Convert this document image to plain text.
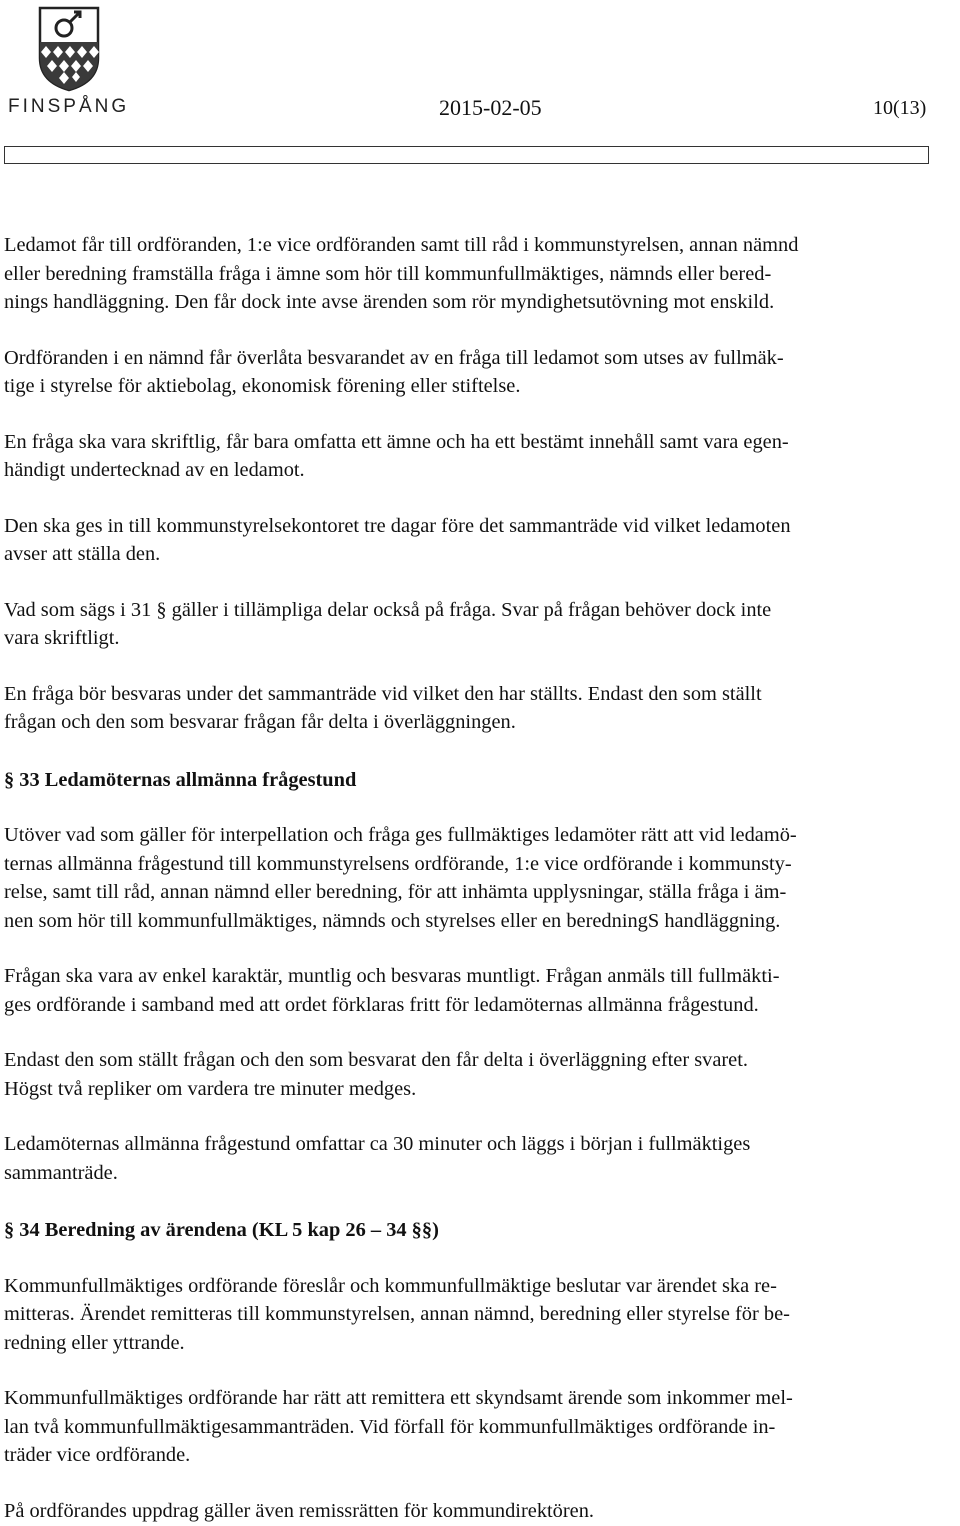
FINSPÅNG	2015-02-05	10(13)

Ledamot får till ordföranden, 1:e vice ordföranden samt till råd i kommunstyrelsen, annan nämnd
eller beredning framställa fråga i ämne som hör till kommunfullmäktiges, nämnds eller bered-
nings handläggning. Den får dock inte avse ärenden som rör myndighetsutövning mot enskild.

Ordföranden i en nämnd får överlåta besvarandet av en fråga till ledamot som utses av fullmäk-
tige i styrelse för aktiebolag, ekonomisk förening eller stiftelse.

En fråga ska vara skriftlig, får bara omfatta ett ämne och ha ett bestämt innehåll samt vara egen-
händigt undertecknad av en ledamot.

Den ska ges in till kommunstyrelsekontoret tre dagar före det sammanträde vid vilket ledamoten
avser att ställa den.

Vad som sägs i 31 § gäller i tillämpliga delar också på fråga. Svar på frågan behöver dock inte
vara skriftligt.

En fråga bör besvaras under det sammanträde vid vilket den har ställts. Endast den som ställt
frågan och den som besvarar frågan får delta i överläggningen.

§ 33 Ledamöternas allmänna frågestund

Utöver vad som gäller för interpellation och fråga ges fullmäktiges ledamöter rätt att vid ledamö-
ternas allmänna frågestund till kommunstyrelsens ordförande, 1:e vice ordförande i kommunsty-
relse, samt till råd, annan nämnd eller beredning, för att inhämta upplysningar, ställa fråga i äm-
nen som hör till kommunfullmäktiges, nämnds och styrelses eller en beredningS handläggning.

Frågan ska vara av enkel karaktär, muntlig och besvaras muntligt. Frågan anmäls till fullmäkti-
ges ordförande i samband med att ordet förklaras fritt för ledamöternas allmänna frågestund.

Endast den som ställt frågan och den som besvarat den får delta i överläggning efter svaret.
Högst två repliker om vardera tre minuter medges.

Ledamöternas allmänna frågestund omfattar ca 30 minuter och läggs i början i fullmäktiges
sammanträde.

§ 34 Beredning av ärendena (KL 5 kap 26 – 34 §§)

Kommunfullmäktiges ordförande föreslår och kommunfullmäktige beslutar var ärendet ska re-
mitteras. Ärendet remitteras till kommunstyrelsen, annan nämnd, beredning eller styrelse för be-
redning eller yttrande.

Kommunfullmäktiges ordförande har rätt att remittera ett skyndsamt ärende som inkommer mel-
lan två kommunfullmäktigesammanträden. Vid förfall för kommunfullmäktiges ordförande in-
träder vice ordförande.

På ordförandes uppdrag gäller även remissrätten för kommundirektören.
